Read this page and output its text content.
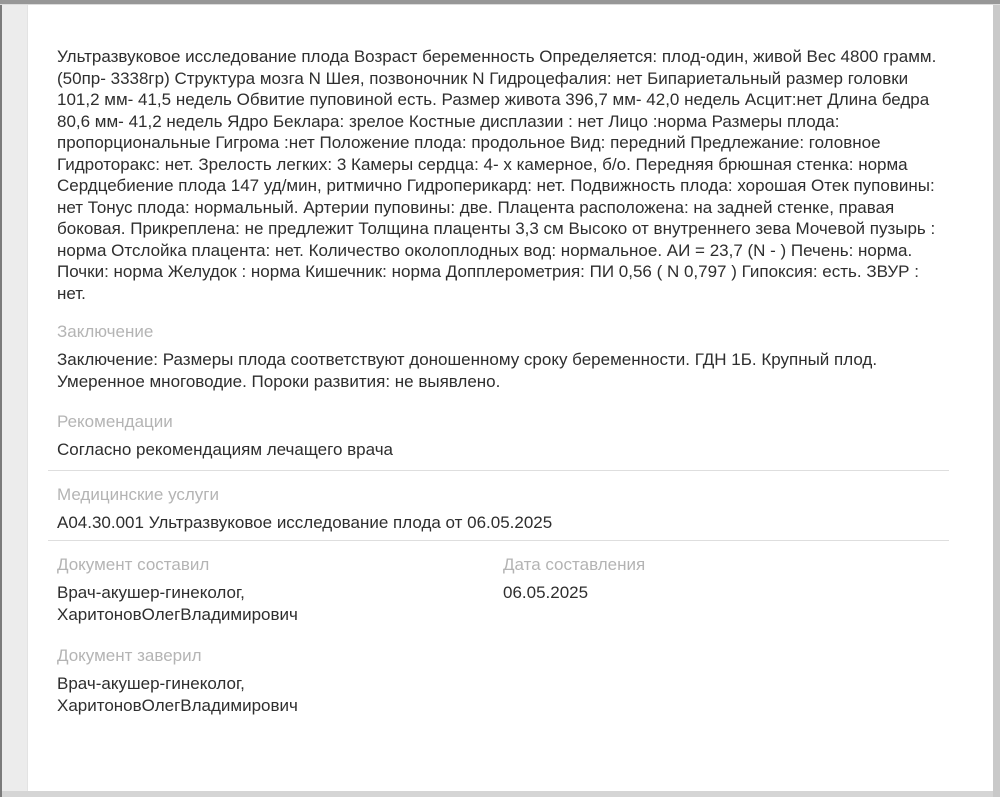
Ультразвуковое исследование плода Возраст беременность Определяется: плод-один, живой Вес 4800 грамм. (50пр- 3338гр) Структура мозга N Шея, позвоночник N Гидроцефалия: нет Бипариетальный размер головки 101,2 мм- 41,5 недель Обвитие пуповиной есть. Размер живота 396,7 мм- 42,0 недель Асцит:нет Длина бедра 80,6 мм- 41,2 недель Ядро Беклара: зрелое Костные дисплазии : нет Лицо :норма Размеры плода: пропорциональные Гигрома :нет Положение плода: продольное Вид: передний Предлежание: головное Гидроторакс: нет. Зрелость легких: 3 Камеры сердца: 4- х камерное, б/о. Передняя брюшная стенка: норма Сердцебиение плода 147 уд/мин, ритмично Гидроперикард: нет. Подвижность плода: хорошая Отек пуповины: нет Тонус плода: нормальный. Артерии пуповины: две. Плацента расположена: на задней стенке, правая боковая. Прикреплена: не предлежит Толщина плаценты 3,3 см Высоко от внутреннего зева Мочевой пузырь : норма Отслойка плацента: нет. Количество околоплодных вод: нормальное. АИ = 23,7 (N - ) Печень: норма. Почки: норма Желудок : норма Кишечник: норма Допплерометрия: ПИ 0,56 ( N 0,797 ) Гипоксия: есть. ЗВУР : нет.

Заключение
Заключение: Размеры плода соответствуют доношенному сроку беременности. ГДН 1Б. Крупный плод. Умеренное многоводие. Пороки развития: не выявлено.
Рекомендации
Согласно рекомендациям лечащего врача
Медицинские услуги
A04.30.001 Ультразвуковое исследование плода от 06.05.2025
Документ составил
Врач-акушер-гинеколог,
ХаритоновОлегВладимирович
Дата составления
06.05.2025
Документ заверил
Врач-акушер-гинеколог,
ХаритоновОлегВладимирович
